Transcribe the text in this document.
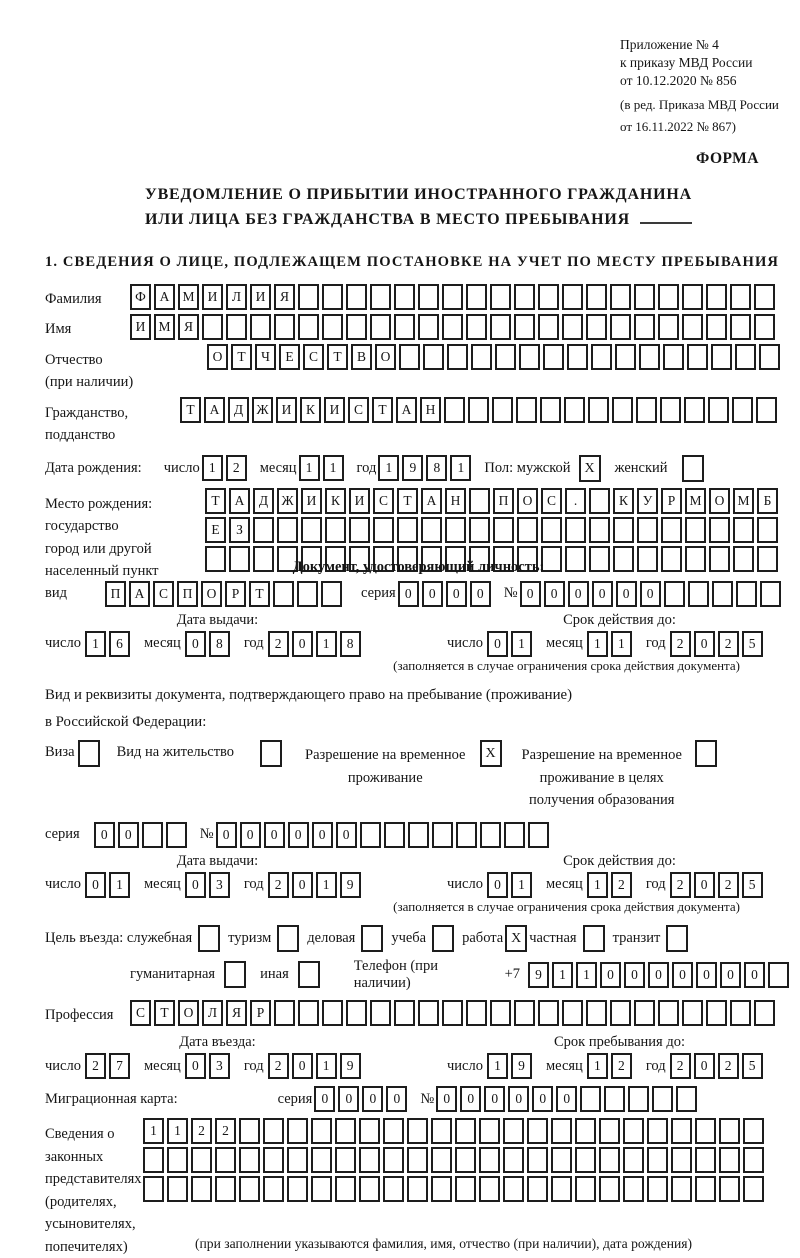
Приложение № 4
к приказу МВД России
от 10.12.2020 № 856
(в ред. Приказа МВД России
от 16.11.2022 № 867)
ФОРМА
УВЕДОМЛЕНИЕ О ПРИБЫТИИ ИНОСТРАННОГО ГРАЖДАНИНА
ИЛИ ЛИЦА БЕЗ ГРАЖДАНСТВА В МЕСТО ПРЕБЫВАНИЯ
1. СВЕДЕНИЯ О ЛИЦЕ, ПОДЛЕЖАЩЕМ ПОСТАНОВКЕ НА УЧЕТ ПО МЕСТУ ПРЕБЫВАНИЯ
Фамилия	Ф	А М И	Л	И	Я
Имя	И М Я
Отчество
(при наличии)
О	Т	Ч	Е	С	Т	В	О
Гражданство,
подданство
Т	А	Д Ж И	К	И	С	Т	А	Н
Дата рождения: число 1	2	месяц 1	1	год 1	9	8	1	Пол: мужской X	женский
Место рождения:
государство
город или другой
населенный пункт
Т	А	Д Ж И	К	И	С	Т	А	Н	П	О	С	.	К	У	Р	М О М	Б
Е	З
Документ, удостоверяющий личность:
вид	П	А	С	П	О	Р	Т	серия 0	0	0	0	№ 0	0	0	0	0	0
Дата выдачи:
число 1	6	месяц 0	8	год 2	0	1	8
Срок действия до:
число 0	1	месяц 1	1	год 2	0	2	5
(заполняется в случае ограничения срока действия документа)
Вид и реквизиты документа, подтверждающего право на пребывание (проживание)
в Российской Федерации:
Виза	Вид на жительство	Разрешение на временное
проживание
X	Разрешение на временное
проживание в целях
получения образования
серия	0	0	№ 0	0	0	0	0	0
Дата выдачи:
число 0	1	месяц 0	3	год 2	0	1	9
Срок действия до:
число 0	1	месяц 1	2	год 2	0	2	5
(заполняется в случае ограничения срока действия документа)
Цель въезда: служебная туризм деловая учеба работа X частная транзит
гуманитарная	иная
Телефон (при наличии)
+7	9	1	1	0	0	0	0	0	0	0
Профессия	С	Т	О	Л	Я	Р
Дата въезда:
число 2	7	месяц 0	3	год 2	0	1	9
Срок пребывания до:
число 1	9	месяц 1	2	год 2	0	2	5
Миграционная карта:	серия 0	0	0	0	№ 0	0	0	0	0	0
Сведения о
законных
представителях
(родителях,
усыновителях,
попечителях)
1	1	2	2
(при заполнении указываются фамилия, имя, отчество (при наличии), дата рождения)
